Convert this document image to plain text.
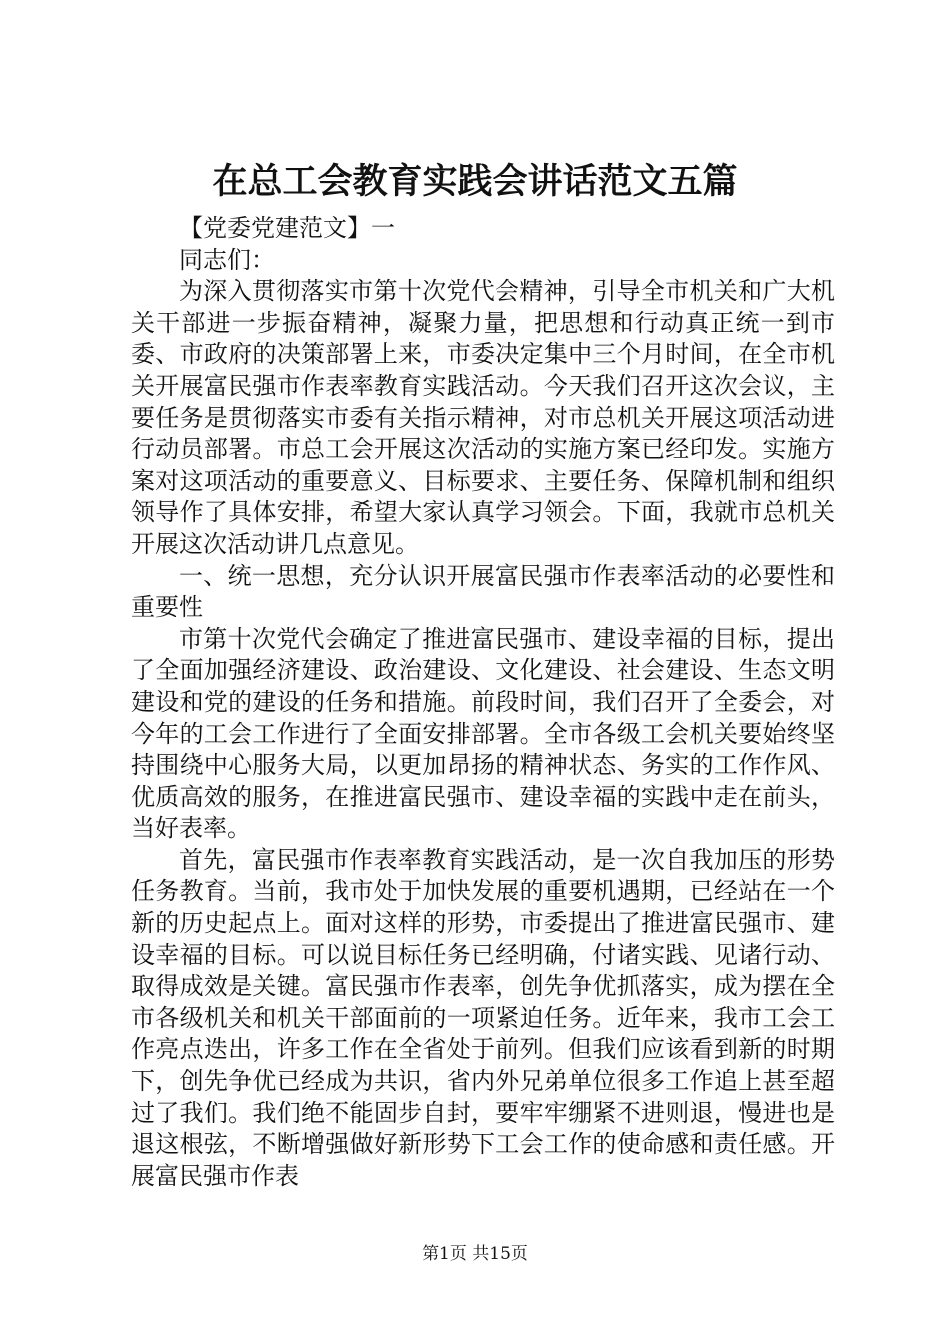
在总工会教育实践会讲话范文五篇

【党委党建范文】一

同志们：

为深入贯彻落实市第十次党代会精神，引导全市机关和广大机关干部进一步振奋精神，凝聚力量，把思想和行动真正统一到市委、市政府的决策部署上来，市委决定集中三个月时间，在全市机关开展富民强市作表率教育实践活动。今天我们召开这次会议，主要任务是贯彻落实市委有关指示精神，对市总机关开展这项活动进行动员部署。市总工会开展这次活动的实施方案已经印发。实施方案对这项活动的重要意义、目标要求、主要任务、保障机制和组织领导作了具体安排，希望大家认真学习领会。下面，我就市总机关开展这次活动讲几点意见。

一、统一思想，充分认识开展富民强市作表率活动的必要性和重要性

市第十次党代会确定了推进富民强市、建设幸福的目标，提出了全面加强经济建设、政治建设、文化建设、社会建设、生态文明建设和党的建设的任务和措施。前段时间，我们召开了全委会，对今年的工会工作进行了全面安排部署。全市各级工会机关要始终坚持围绕中心服务大局，以更加昂扬的精神状态、务实的工作作风、优质高效的服务，在推进富民强市、建设幸福的实践中走在前头，当好表率。

首先，富民强市作表率教育实践活动，是一次自我加压的形势任务教育。当前，我市处于加快发展的重要机遇期，已经站在一个新的历史起点上。面对这样的形势，市委提出了推进富民强市、建设幸福的目标。可以说目标任务已经明确，付诸实践、见诸行动、取得成效是关键。富民强市作表率，创先争优抓落实，成为摆在全市各级机关和机关干部面前的一项紧迫任务。近年来，我市工会工作亮点迭出，许多工作在全省处于前列。但我们应该看到新的时期下，创先争优已经成为共识，省内外兄弟单位很多工作追上甚至超过了我们。我们绝不能固步自封，要牢牢绷紧不进则退，慢进也是退这根弦，不断增强做好新形势下工会工作的使命感和责任感。开展富民强市作表

第1页 共15页
